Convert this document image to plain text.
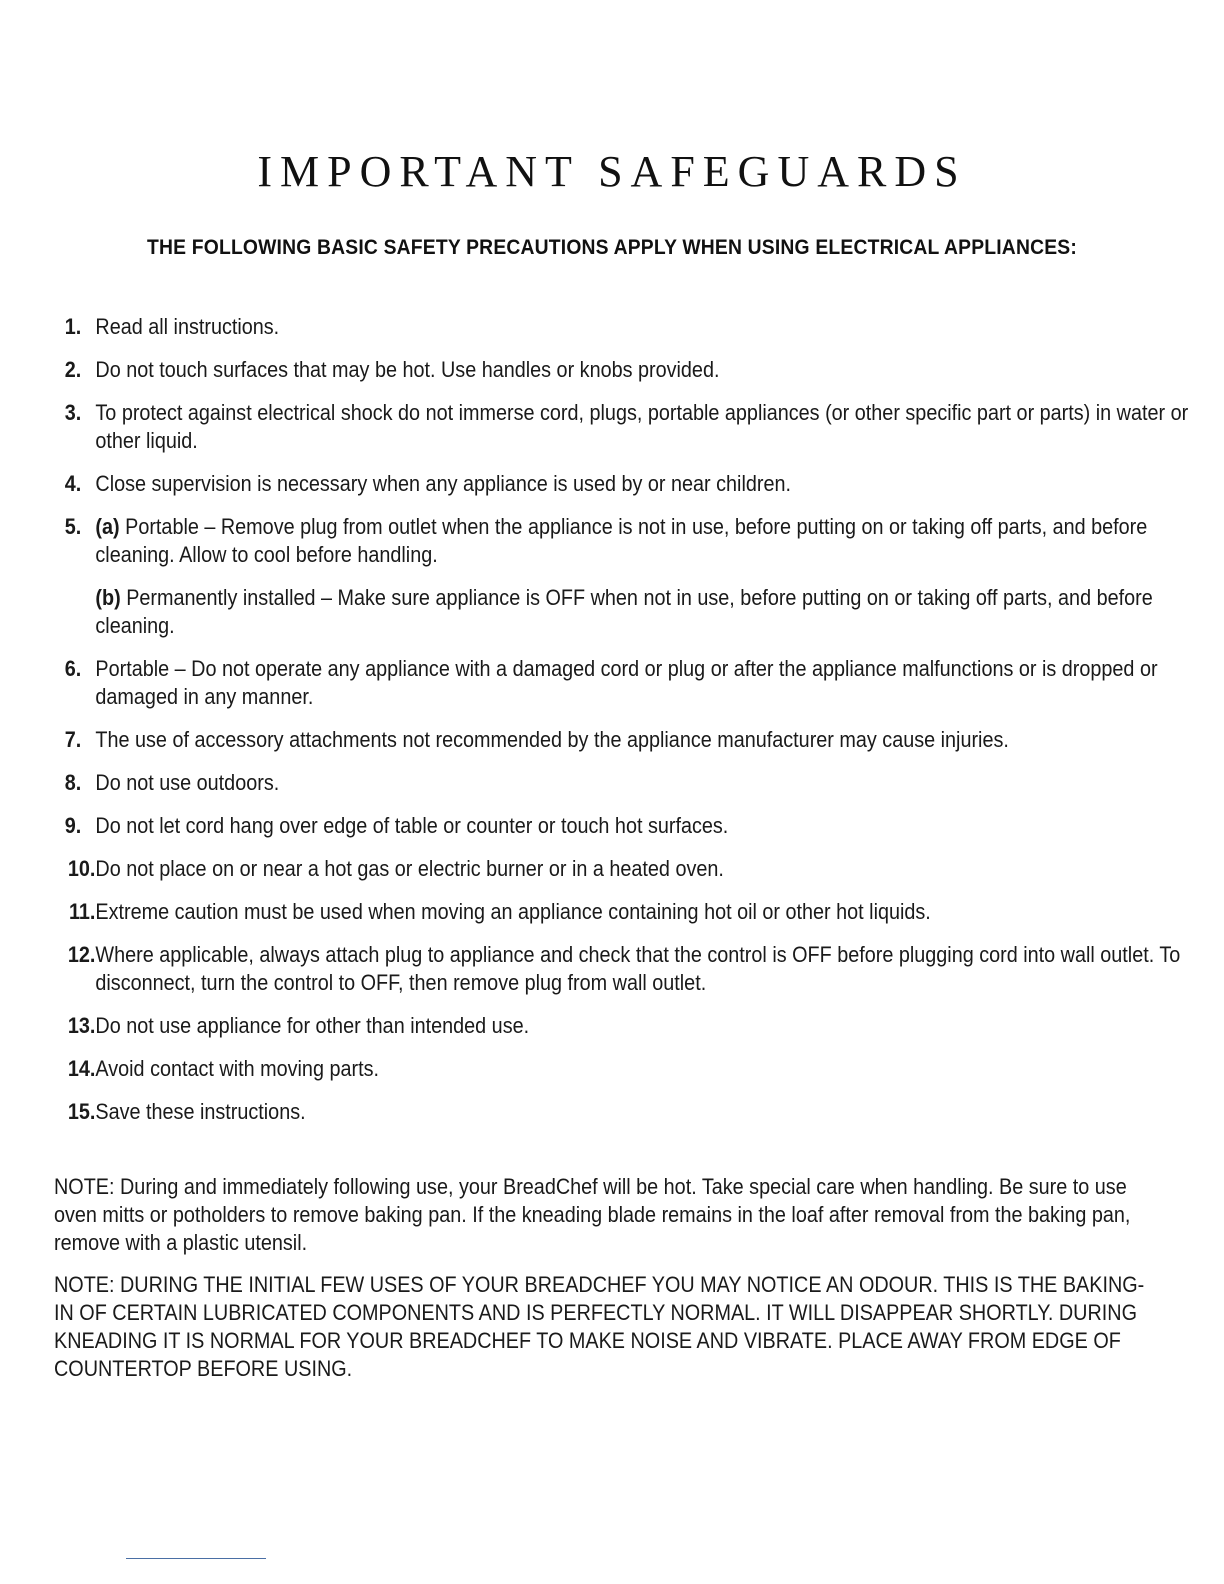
IMPORTANT SAFEGUARDS
THE FOLLOWING BASIC SAFETY PRECAUTIONS APPLY WHEN USING ELECTRICAL APPLIANCES:
1. Read all instructions.
2. Do not touch surfaces that may be hot. Use handles or knobs provided.
3. To protect against electrical shock do not immerse cord, plugs, portable appliances (or other specific part or parts) in water or other liquid.
4. Close supervision is necessary when any appliance is used by or near children.
5. (a) Portable – Remove plug from outlet when the appliance is not in use, before putting on or taking off parts, and before cleaning. Allow to cool before handling.
(b) Permanently installed – Make sure appliance is OFF when not in use, before putting on or taking off parts, and before cleaning.
6. Portable – Do not operate any appliance with a damaged cord or plug or after the appliance malfunctions or is dropped or damaged in any manner.
7. The use of accessory attachments not recommended by the appliance manufacturer may cause injuries.
8. Do not use outdoors.
9. Do not let cord hang over edge of table or counter or touch hot surfaces.
10. Do not place on or near a hot gas or electric burner or in a heated oven.
11. Extreme caution must be used when moving an appliance containing hot oil or other hot liquids.
12. Where applicable, always attach plug to appliance and check that the control is OFF before plugging cord into wall outlet. To disconnect, turn the control to OFF, then remove plug from wall outlet.
13. Do not use appliance for other than intended use.
14. Avoid contact with moving parts.
15. Save these instructions.

NOTE: During and immediately following use, your BreadChef will be hot. Take special care when handling. Be sure to use oven mitts or potholders to remove baking pan. If the kneading blade remains in the loaf after removal from the baking pan, remove with a plastic utensil.

NOTE: DURING THE INITIAL FEW USES OF YOUR BREADCHEF YOU MAY NOTICE AN ODOUR. THIS IS THE BAKING-IN OF CERTAIN LUBRICATED COMPONENTS AND IS PERFECTLY NORMAL. IT WILL DISAPPEAR SHORTLY. DURING KNEADING IT IS NORMAL FOR YOUR BREADCHEF TO MAKE NOISE AND VIBRATE. PLACE AWAY FROM EDGE OF COUNTERTOP BEFORE USING.
